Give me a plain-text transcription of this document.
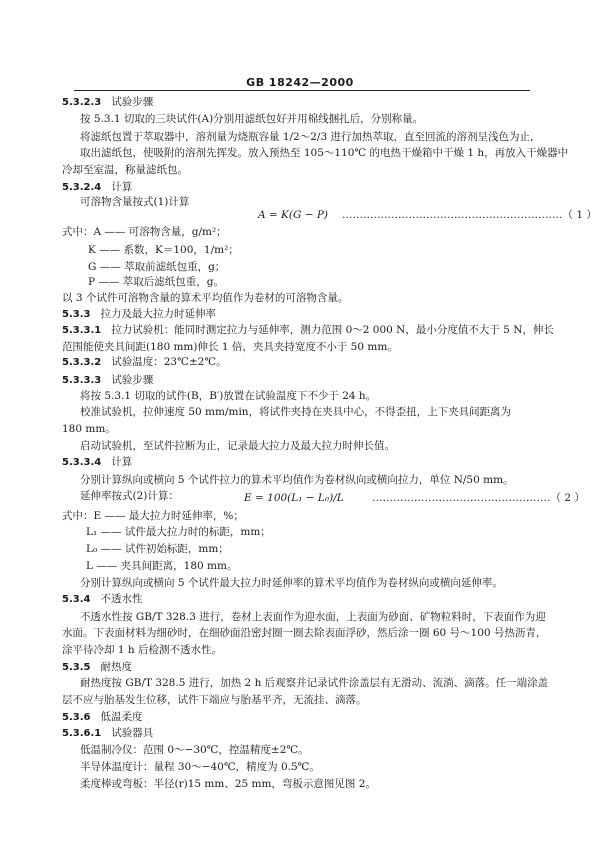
GB 18242—2000
5.3.2.3 试验步骤
按 5.3.1 切取的三块试件(A)分别用滤纸包好并用棉线捆扎后，分别称量。
将滤纸包置于萃取器中，溶剂量为烧瓶容量 1/2～2/3 进行加热萃取，直至回流的溶剂呈浅色为止，
取出滤纸包，使吸附的溶剂先挥发。放入预热至 105～110℃ 的电热干燥箱中干燥 1 h，再放入干燥器中
冷却至室温，称量滤纸包。
5.3.2.4 计算
可溶物含量按式(1)计算
式中：A —— 可溶物含量，g/m²；
K —— 系数，K＝100，1/m²；
G —— 萃取前滤纸包重，g；
P —— 萃取后滤纸包重，g。
以 3 个试件可溶物含量的算术平均值作为卷材的可溶物含量。
5.3.3 拉力及最大拉力时延伸率
5.3.3.1 拉力试验机：能同时测定拉力与延伸率，测力范围 0～2 000 N，最小分度值不大于 5 N，伸长
范围能使夹具间距(180 mm)伸长 1 倍，夹具夹持宽度不小于 50 mm。
5.3.3.2 试验温度：23℃±2℃。
5.3.3.3 试验步骤
将按 5.3.1 切取的试件(B，B′)放置在试验温度下不少于 24 h。
校准试验机，拉伸速度 50 mm/min，将试件夹持在夹具中心，不得歪扭，上下夹具间距离为
180 mm。
启动试验机，至试件拉断为止，记录最大拉力及最大拉力时伸长值。
5.3.3.4 计算
分别计算纵向或横向 5 个试件拉力的算术平均值作为卷材纵向或横向拉力，单位 N/50 mm。
延伸率按式(2)计算：
式中：E —— 最大拉力时延伸率，%；
L₁ —— 试件最大拉力时的标距，mm；
L₀ —— 试件初始标距，mm；
L —— 夹具间距离，180 mm。
分别计算纵向或横向 5 个试件最大拉力时延伸率的算术平均值作为卷材纵向或横向延伸率。
5.3.4 不透水性
不透水性按 GB/T 328.3 进行，卷材上表面作为迎水面，上表面为砂面、矿物粒料时，下表面作为迎
水面。下表面材料为细砂时，在细砂面沿密封圈一圈去除表面浮砂，然后涂一圈 60 号～100 号热沥青，
涂平待冷却 1 h 后检测不透水性。
5.3.5 耐热度
耐热度按 GB/T 328.5 进行，加热 2 h 后观察并记录试件涂盖层有无滑动、流淌、滴落。任一端涂盖
层不应与胎基发生位移，试件下端应与胎基平齐，无流挂、滴落。
5.3.6 低温柔度
5.3.6.1 试验器具
低温制冷仪：范围 0～−30℃，控温精度±2℃。
半导体温度计：量程 30～−40℃，精度为 0.5℃。
柔度棒或弯板：半径(r)15 mm、25 mm，弯板示意图见图 2。
A = K(G − P) ………………………………………………………（ 1 ）
E = 100(L₁ − L₀)/L	……………………………………………（ 2 ）
